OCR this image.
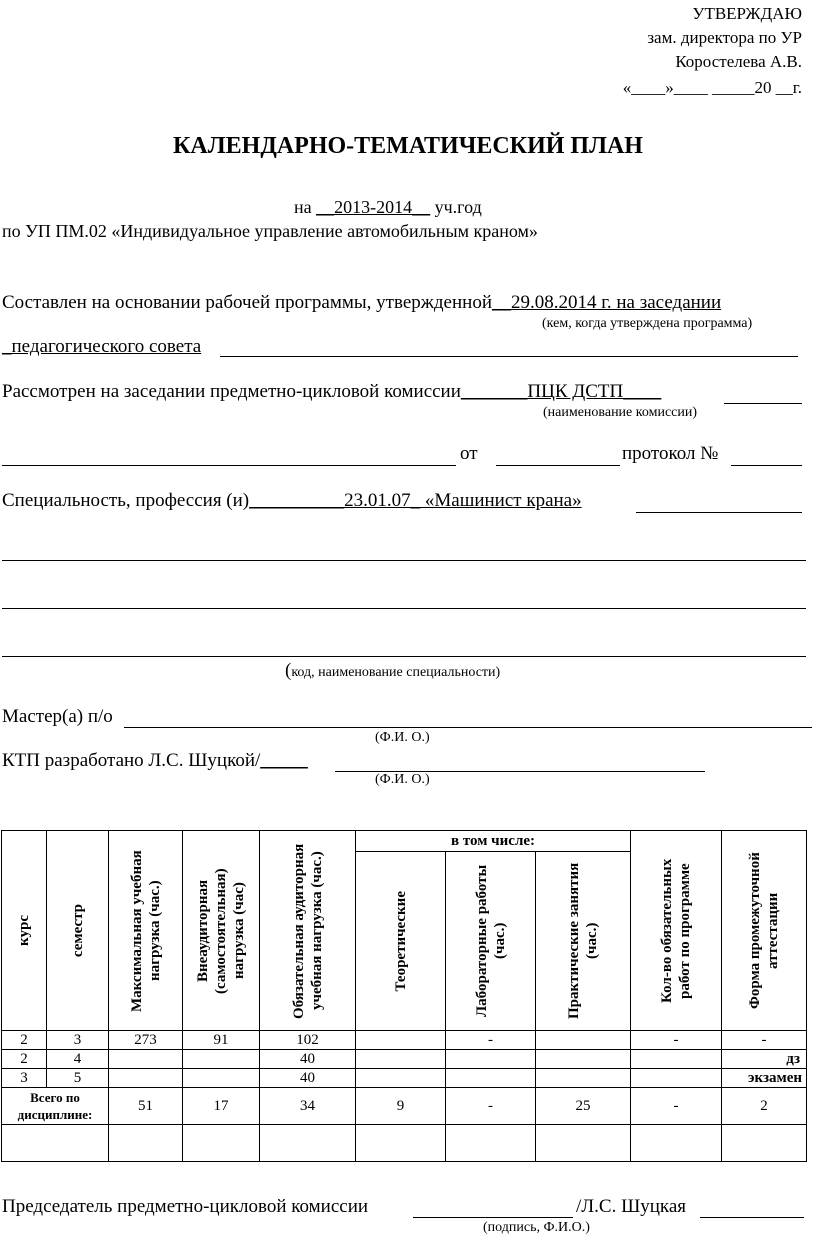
УТВЕРЖДАЮ
зам. директора по УР
Коростелева А.В.
«____»____ _____20 __г.
КАЛЕНДАРНО-ТЕМАТИЧЕСКИЙ ПЛАН
на __2013-2014__ уч.год
по УП ПМ.02 «Индивидуальное управление автомобильным краном»
Составлен на основании рабочей программы, утвержденной__29.08.2014 г. на заседании
(кем, когда утверждена программа)
_педагогического совета
Рассмотрен на заседании предметно-цикловой комиссии_______ПЦК ДСТП____
(наименование комиссии)
от	протокол №
Специальность, профессия (и)__________23.01.07_ «Машинист крана»
(код, наименование специальности)
Мастер(а) п/о
(Ф.И. О.)
КТП разработано Л.С. Шуцкой/_____
(Ф.И. О.)
курс	семестр	Максимальная учебная нагрузка (час.)	Внеаудиторная (самостоятельная) нагрузка (час)	Обязательная аудиторная учебная нагрузка (час.)	в том числе:			Кол-во обязательных работ по программе	Форма промежуточной аттестации

					Теоретические	Лабораторные работы (час.)	Практические занятия (час.)		

2	3	273	91	102		-		-	-
2	4			40					дз
3	5			40					экзамен
Всего по дисциплине:		51	17	34	9	-	25	-	2

Председатель предметно-цикловой комиссии	/Л.С. Шуцкая
(подпись, Ф.И.О.)
